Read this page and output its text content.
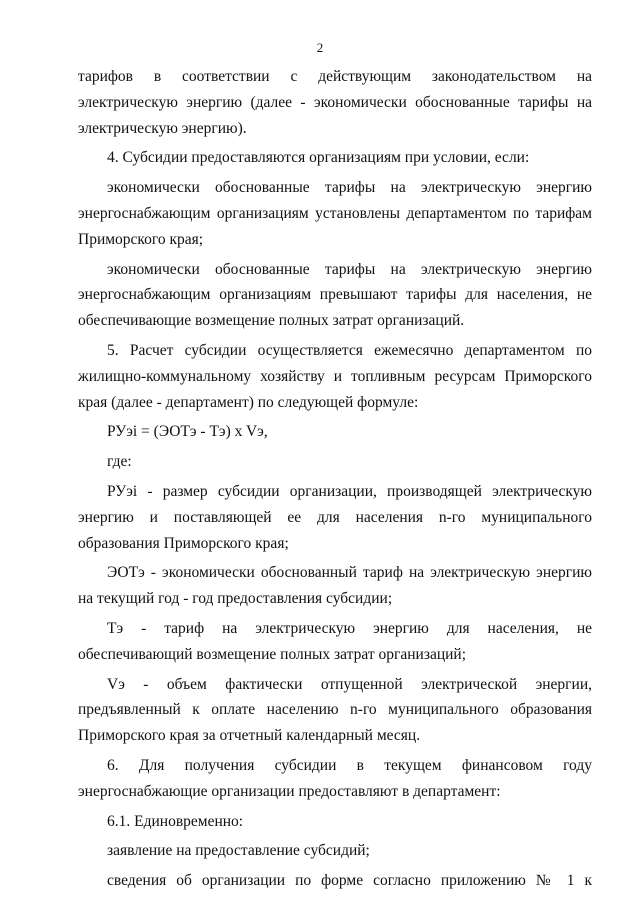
2

тарифов в соответствии с действующим законодательством на электрическую энергию (далее - экономически обоснованные тарифы на электрическую энергию).

4. Субсидии предоставляются организациям при условии, если:

экономически обоснованные тарифы на электрическую энергию энергоснабжающим организациям установлены департаментом по тарифам Приморского края;

экономически обоснованные тарифы на электрическую энергию энергоснабжающим организациям превышают тарифы для населения, не обеспечивающие возмещение полных затрат организаций.

5. Расчет субсидии осуществляется ежемесячно департаментом по жилищно-коммунальному хозяйству и топливным ресурсам Приморского края (далее - департамент) по следующей формуле:

РУэi = (ЭОТэ - Тэ) x Vэ,

где:

РУэi - размер субсидии организации, производящей электрическую энергию и поставляющей ее для населения n-го муниципального образования Приморского края;

ЭОТэ - экономически обоснованный тариф на электрическую энергию на текущий год - год предоставления субсидии;

Тэ - тариф на электрическую энергию для населения, не обеспечивающий возмещение полных затрат организаций;

Vэ - объем фактически отпущенной электрической энергии, предъявленный к оплате населению n-го муниципального образования Приморского края за отчетный календарный месяц.

6. Для получения субсидии в текущем финансовом году энергоснабжающие организации предоставляют в департамент:

6.1. Единовременно:

заявление на предоставление субсидий;

сведения об организации по форме согласно приложению № 1 к
